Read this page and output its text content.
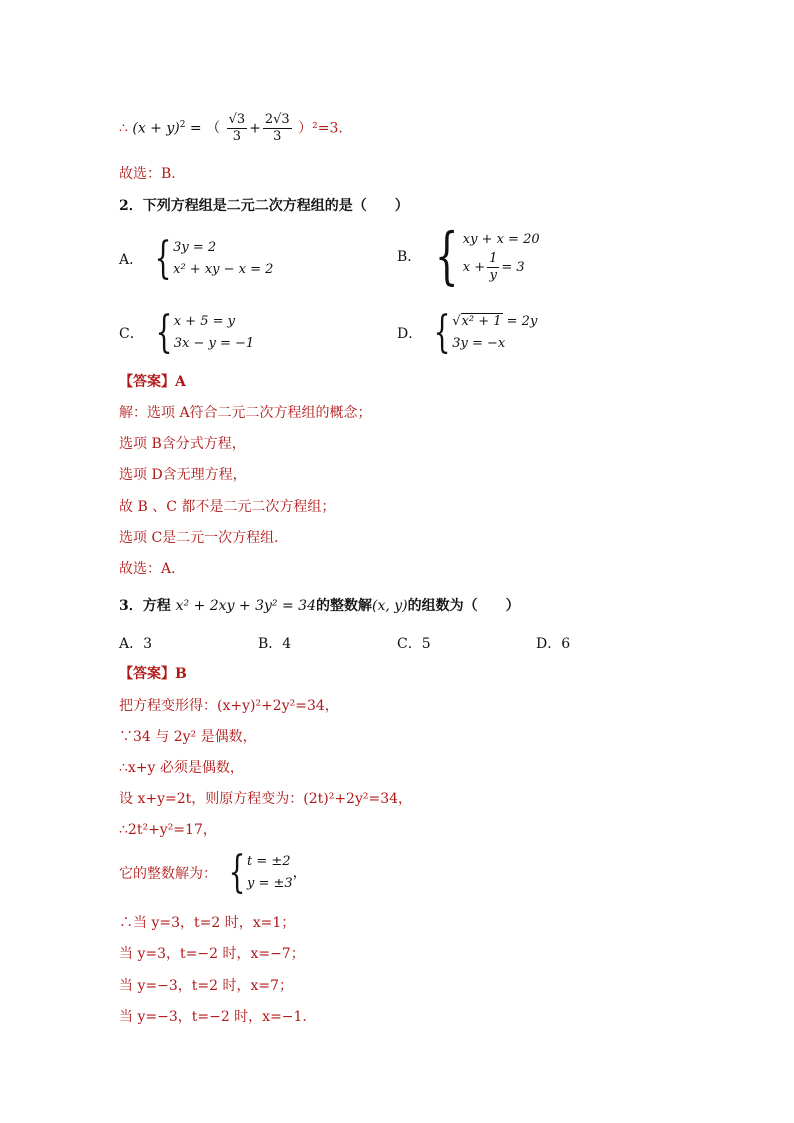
∴ $(x + y)^2$ = （ $\frac{√3}{3} + \frac{2√3}{3} )^2=3$.
故选：B.
2．下列方程组是二元二次方程组的是（　　）
A． { 3y = 2
x² + xy − x = 2
B． { xy + x = 20
$x + \frac{1}{y} = 3$
C． { x + 5 = y
3x − y = −1
D． { √x² + 1 = 2y
3y = −x
【答案】A
解：选项 A符合二元二次方程组的概念；
选项 B含分式方程，
选项 D含无理方程，
故 B 、C 都不是二元二次方程组；
选项 C是二元一次方程组．
故选：A．
3．方程 x² + 2xy + 3y² = 34的整数解(x, y)的组数为（　　）
A．3	B．4	C．5	D．6
【答案】B
把方程变形得：(x+y)²+2y²=34，
∵34 与 2y² 是偶数，
∴x+y 必须是偶数，
设 x+y=2t，则原方程变为：(2t)²+2y²=34，
∴2t²+y²=17，
它的整数解为： { t = ±2
y = ±3
，
∴当 y=3，t=2 时，x=1；
当 y=3，t=−2 时，x=−7；
当 y=−3，t=2 时，x=7；
当 y=−3，t=−2 时，x=−1．
